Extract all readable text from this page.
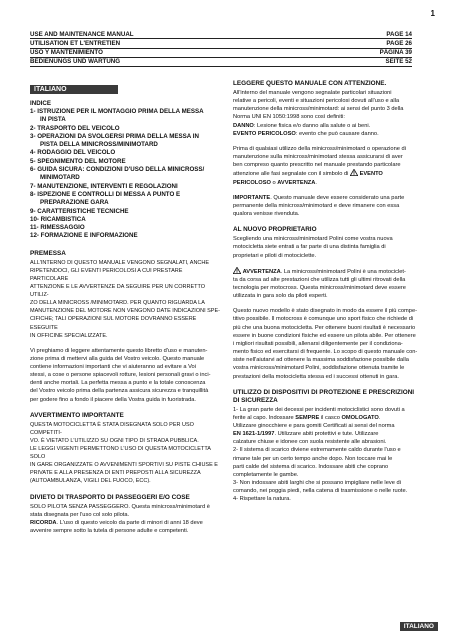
1
USE AND MAINTENANCE MANUAL	PAGE 14
UTILISATION ET L'ENTRETIEN	PAGE 26
USO Y MANTENIMIENTO	PÁGINA 39
BEDIENUNGS UND WARTUNG	SEITE 52
ITALIANO
INDICE
1- ISTRUZIONE PER IL MONTAGGIO PRIMA DELLA MESSA
IN PISTA
2- TRASPORTO DEL VEICOLO
3- OPERAZIONI DA SVOLGERSI PRIMA DELLA MESSA IN
PISTA DELLA MINICROSS/MINIMOTARD
4- RODAGGIO DEL VEICOLO
5- SPEGNIMENTO DEL MOTORE
6- GUIDA SICURA: CONDIZIONI D'USO DELLA MINICROSS/
MINIMOTARD
7- MANUTENZIONE, INTERVENTI E REGOLAZIONI
8- ISPEZIONE E CONTROLLI DI MESSA A PUNTO E
PREPARAZIONE GARA
9- CARATTERISTICHE TECNICHE
10- RICAMBISTICA
11- RIMESSAGGIO
12- FORMAZIONE E INFORMAZIONE
PREMESSA
ALL'INTERNO DI QUESTO MANUALE VENGONO SEGNALATI, ANCHE
RIPETENDOCI, GLI EVENTI PERICOLOSI A CUI PRESTARE PARTICOLARE
ATTENZIONE E LE AVVERTENZE DA SEGUIRE PER UN CORRETTO UTILIZ-
ZO DELLA MINICROSS /MINIMOTARD. PER QUANTO RIGUARDA LA
MANUTENZIONE DEL MOTORE NON VENGONO DATE INDICAZIONI SPE-
CIFICHE; TALI OPERAZIONI SUL MOTORE DOVRANNO ESSERE ESEGUITE
IN OFFICINE SPECIALIZZATE.
Vi preghiamo di leggere attentamente questo libretto d'uso e manuten-
zione prima di mettervi alla guida del Vostro veicolo. Questo manuale
contiene informazioni importanti che vi aiuteranno ad evitare a Voi
stessi, a cose o persone spiacevoli rotture, lesioni personali gravi o inci-
denti anche mortali. La perfetta messa a punto e la totale conoscenza
del Vostro veicolo prima della partenza assicura sicurezza e tranquillità
per godere fino a fondo il piacere della Vostra guida in fuoristrada.
AVVERTIMENTO IMPORTANTE
QUESTA MOTOCICLETTA È STATA DISEGNATA SOLO PER USO COMPETITI-
VO. È VIETATO L'UTILIZZO SU OGNI TIPO DI STRADA PUBBLICA.
LE LEGGI VIGENTI PERMETTONO L'USO DI QUESTA MOTOCICLETTA SOLO
IN GARE ORGANIZZATE O AVVENIMENTI SPORTIVI SU PISTE CHIUSE E
PRIVATE E ALLA PRESENZA DI ENTI PREPOSTI ALLA SICUREZZA
(AUTOAMBULANZA, VIGILI DEL FUOCO, ECC).
DIVIETO DI TRASPORTO DI PASSEGGERI E/O COSE
SOLO PILOTA SENZA PASSEGGERO. Questa minicross/minimotard è
stata disegnata per l'uso col solo pilota.
RICORDA. L'uso di questo veicolo da parte di minori di anni 18 deve
avvenire sempre sotto la tutela di persone adulte e competenti.
LEGGERE QUESTO MANUALE CON ATTENZIONE.
All'interno del manuale vengono segnalate particolari situazioni
relative a pericoli, eventi e situazioni pericolosi dovuti all'uso e alla
manutenzione della minicross/minimotard: ai sensi del punto 3 della
Norma UNI EN 1050:1998 sono così definiti:
DANNO: Lesione fisica e/o danno alla salute o ai beni.
EVENTO PERICOLOSO: evento che può causare danno.
Prima di qualsiasi utilizzo della minicross/minimotard o operazione di
manutenzione sulla minicross/minimotard stessa assicurarsi di aver
ben compreso quanto prescritto nel manuale prestando particolare
attenzione alle fasi segnalate con il simbolo di
EVENTO
PERICOLOSO o AVVERTENZA.
IMPORTANTE. Questo manuale deve essere considerato una parte
permanente della minicross/minimotard e deve rimanere con essa
qualora venisse rivenduta.
AL NUOVO PROPRIETARIO
Scegliendo una minicross/minimotard Polini come vostra nuova
motocicletta siete entrati a far parte di una distinta famiglia di
proprietari e piloti di motociclette.
AVVERTENZA. La minicross/minimotard Polini è una motociclet-
ta da corsa ad alte prestazioni che utilizza tutti gli ultimi ritrovati della
tecnologia per motocross. Questa minicross/minimotard deve essere
utilizzata in gara solo da piloti esperti.
Questo nuovo modello è stato disegnato in modo da essere il più compe-
titivo possibile. Il motocross è comunque uno sport fisico che richiede di
più che una buona motocicletta. Per ottenere buoni risultati è necessario
essere in buone condizioni fisiche ed essere un pilota abile. Per ottenere
i migliori risultati possibili, allenarsi diligentemente per il condiziona-
mento fisico ed esercitarsi di frequente. Lo scopo di questo manuale con-
siste nell'aiutarvi ad ottenere la massima soddisfazione possibile dalla
vostra minicross/minimotard Polini, soddisfazione ottenuta tramite le
prestazioni della motocicletta stessa ed i successi ottenuti in gara.
UTILIZZO DI DISPOSITIVI DI PROTEZIONE E PRESCRIZIONI
DI SICUREZZA
1- La gran parte dei decessi per incidenti motociclistici sono dovuti a
ferite al capo. Indossare SEMPRE il casco OMOLOGATO.
Utilizzare ginocchiere e para gomiti Certificati ai sensi del norma
EN 1621-1/1997. Utilizzare abiti protettivi e tute. Utilizzare
calzature chiuse e idonee con suola resistente alle abrasioni.
2- Il sistema di scarico diviene estremamente caldo durante l'uso e
rimane tale per un certo tempo anche dopo. Non toccare mai le
parti calde del sistema di scarico. Indossare abiti che coprano
completamente le gambe.
3- Non indossare abiti larghi che si possano impigliare nelle leve di
comando, nei poggia piedi, nella catena di trasmissione o nelle ruote.
4- Rispettare la natura.
ITALIANO
